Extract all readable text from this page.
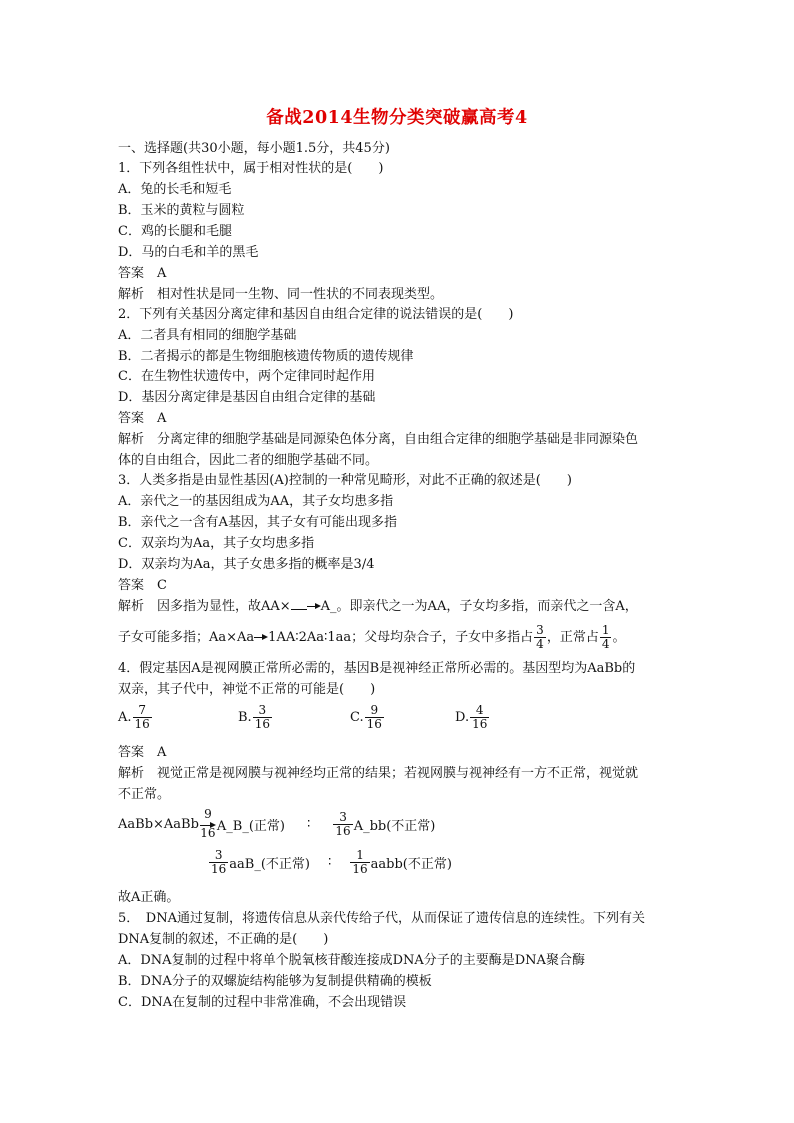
备战2014生物分类突破赢高考4
一、选择题(共30小题，每小题1.5分，共45分)
1．下列各组性状中，属于相对性状的是(　　)
A．兔的长毛和短毛
B．玉米的黄粒与圆粒
C．鸡的长腿和毛腿
D．马的白毛和羊的黑毛
答案　A
解析　相对性状是同一生物、同一性状的不同表现类型。
2．下列有关基因分离定律和基因自由组合定律的说法错误的是(　　)
A．二者具有相同的细胞学基础
B．二者揭示的都是生物细胞核遗传物质的遗传规律
C．在生物性状遗传中，两个定律同时起作用
D．基因分离定律是基因自由组合定律的基础
答案　A
解析　分离定律的细胞学基础是同源染色体分离，自由组合定律的细胞学基础是非同源染色
体的自由组合，因此二者的细胞学基础不同。
3．人类多指是由显性基因(A)控制的一种常见畸形，对此不正确的叙述是(　　)
A．亲代之一的基因组成为AA，其子女均患多指
B．亲代之一含有A基因，其子女有可能出现多指
C．双亲均为Aa，其子女均患多指
D．双亲均为Aa，其子女患多指的概率是3/4
答案　C
解析　因多指为显性，故AA× A_。即亲代之一为AA，子女均多指，而亲代之一含A，
子女可能多指；Aa×Aa 1AA∶2Aa∶1aa；父母均杂合子，子女中多指占 $\frac{3}{4}$ ，正常占 $\frac{1}{4}$ 。
4．假定基因A是视网膜正常所必需的，基因B是视神经正常所必需的。基因型均为AaBb的
双亲，其子代中，神觉不正常的可能是(　　)
A. $\frac{7}{16}$	B. $\frac{3}{16}$	C. $\frac{9}{16}$	D. $\frac{4}{16}$
答案　A
解析　视觉正常是视网膜与视神经均正常的结果；若视网膜与视神经有一方不正常，视觉就
不正常。
AaBb×AaBb
9
16 A_B_(正常) ∶ $\frac{3}{16}$ A_bb(不正常)
$\frac{3}{16}$ aaB_(不正常) ∶ $\frac{1}{16}$ aabb(不正常)
故A正确。
5．　DNA通过复制，将遗传信息从亲代传给子代，从而保证了遗传信息的连续性。下列有关
DNA复制的叙述，不正确的是(　　)
A．DNA复制的过程中将单个脱氧核苷酸连接成DNA分子的主要酶是DNA聚合酶
B．DNA分子的双螺旋结构能够为复制提供精确的模板
C．DNA在复制的过程中非常准确，不会出现错误
